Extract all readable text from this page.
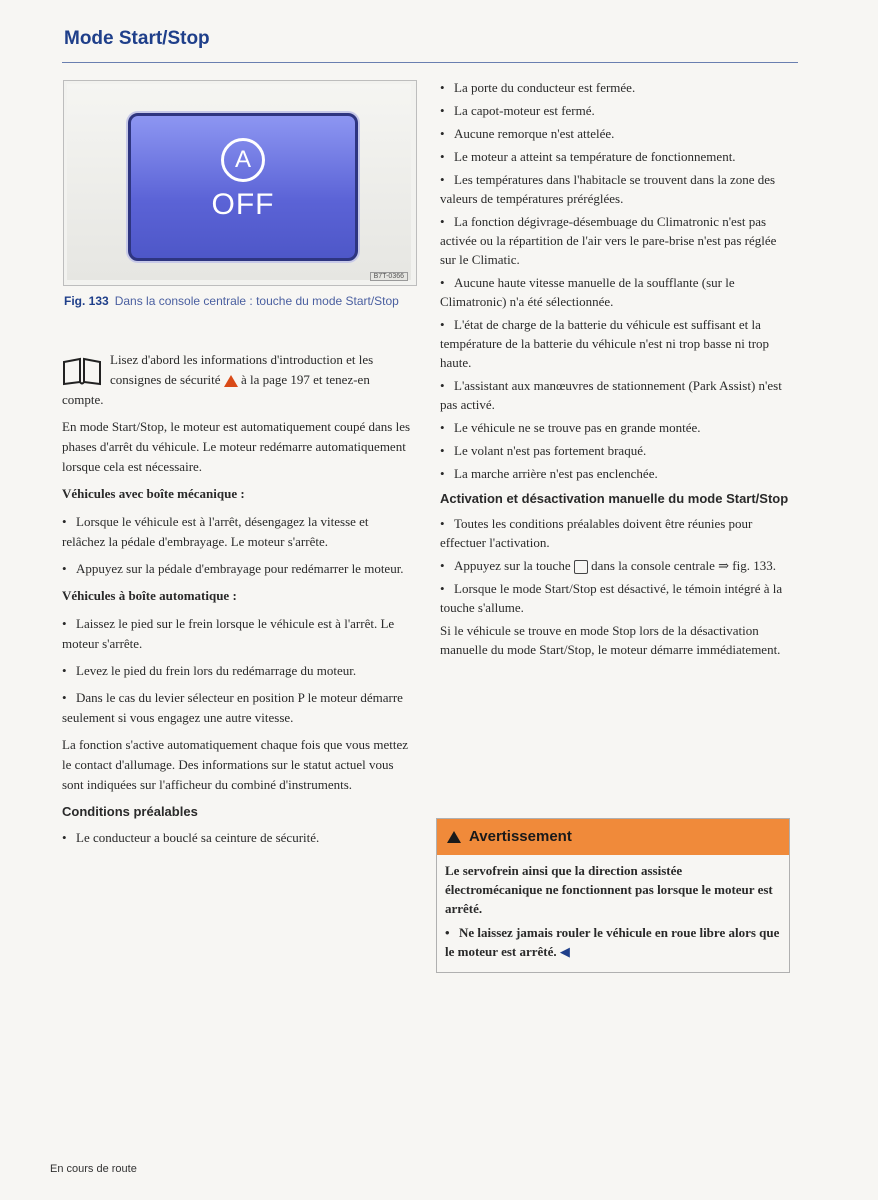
Mode Start/Stop
A
OFF
B7T-0366
Fig. 133 Dans la console centrale : touche du mode Start/Stop

Lisez d'abord les informations d'introduction et les consignes de sécurité à la page 197 et tenez-en compte.

En mode Start/Stop, le moteur est automatiquement coupé dans les phases d'arrêt du véhicule. Le moteur redémarre automatiquement lorsque cela est nécessaire.

Véhicules avec boîte mécanique :

• Lorsque le véhicule est à l'arrêt, désengagez la vitesse et relâchez la pédale d'embrayage. Le moteur s'arrête.

• Appuyez sur la pédale d'embrayage pour redémarrer le moteur.

Véhicules à boîte automatique :

• Laissez le pied sur le frein lorsque le véhicule est à l'arrêt. Le moteur s'arrête.

• Levez le pied du frein lors du redémarrage du moteur.

• Dans le cas du levier sélecteur en position P le moteur démarre seulement si vous engagez une autre vitesse.

La fonction s'active automatiquement chaque fois que vous mettez le contact d'allumage. Des informations sur le statut actuel vous sont indiquées sur l'afficheur du combiné d'instruments.

Conditions préalables

• Le conducteur a bouclé sa ceinture de sécurité.

• La porte du conducteur est fermée.

• La capot-moteur est fermé.

• Aucune remorque n'est attelée.

• Le moteur a atteint sa température de fonctionnement.

• Les températures dans l'habitacle se trouvent dans la zone des valeurs de températures préréglées.

• La fonction dégivrage-désembuage du Climatronic n'est pas activée ou la répartition de l'air vers le pare-brise n'est pas réglée sur le Climatic.

• Aucune haute vitesse manuelle de la soufflante (sur le Climatronic) n'a été sélectionnée.

• L'état de charge de la batterie du véhicule est suffisant et la température de la batterie du véhicule n'est ni trop basse ni trop haute.

• L'assistant aux manœuvres de stationnement (Park Assist) n'est pas activé.

• Le véhicule ne se trouve pas en grande montée.

• Le volant n'est pas fortement braqué.

• La marche arrière n'est pas enclenchée.

Activation et désactivation manuelle du mode Start/Stop

• Toutes les conditions préalables doivent être réunies pour effectuer l'activation.

• Appuyez sur la touche dans la console centrale ⇒ fig. 133.

• Lorsque le mode Start/Stop est désactivé, le témoin intégré à la touche s'allume.

Si le véhicule se trouve en mode Stop lors de la désactivation manuelle du mode Start/Stop, le moteur démarre immédiatement.

Avertissement

Le servofrein ainsi que la direction assistée électromécanique ne fonctionnent pas lorsque le moteur est arrêté.

• Ne laissez jamais rouler le véhicule en roue libre alors que le moteur est arrêté. ◀

En cours de route
